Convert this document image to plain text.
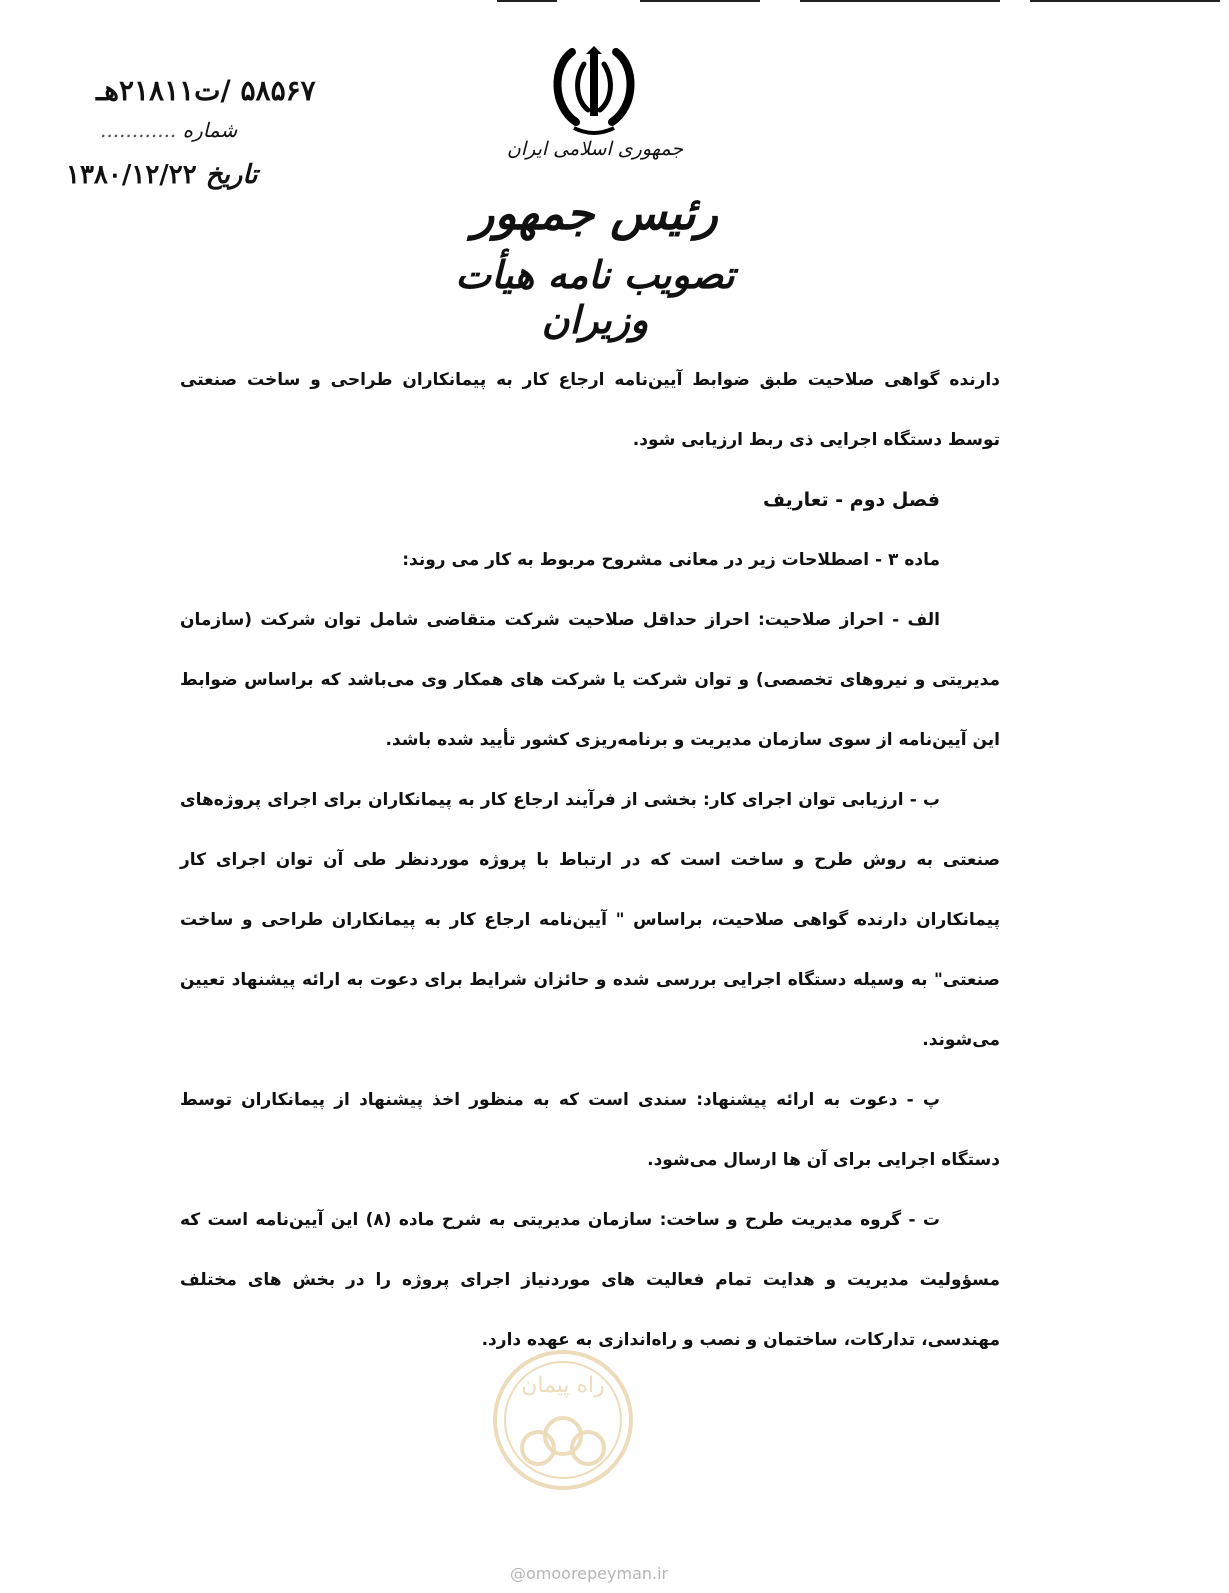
۵۸۵۶۷ /ت۲۱۸۱۱هـ
شماره ............
تاریخ ۱۳۸۰/۱۲/۲۲
جمهوری اسلامی ایران
رئیس جمهور
تصویب نامه هیأت وزیران

دارنده گواهی صلاحیت طبق ضوابط آیین‌نامه ارجاع کار به پیمانکاران طراحی و ساخت صنعتی توسط دستگاه اجرایی ذی ربط ارزیابی شود.

فصل دوم - تعاریف

ماده ۳ - اصطلاحات زیر در معانی مشروح مربوط به کار می روند:

الف - احراز صلاحیت: احراز حداقل صلاحیت شرکت متقاضی شامل توان شرکت (سازمان مدیریتی و نیروهای تخصصی) و توان شرکت یا شرکت های همکار وی می‌باشد که براساس ضوابط این آیین‌نامه از سوی سازمان مدیریت و برنامه‌ریزی کشور تأیید شده باشد.

ب - ارزیابی توان اجرای کار: بخشی از فرآیند ارجاع کار به پیمانکاران برای اجرای پروژه‌های صنعتی به روش طرح و ساخت است که در ارتباط با پروژه موردنظر طی آن توان اجرای کار پیمانکاران دارنده گواهی صلاحیت، براساس " آیین‌نامه ارجاع کار به پیمانکاران طراحی و ساخت صنعتی" به وسیله دستگاه اجرایی بررسی شده و حائزان شرایط برای دعوت به ارائه پیشنهاد تعیین می‌شوند.

پ - دعوت به ارائه پیشنهاد: سندی است که به منظور اخذ پیشنهاد از پیمانکاران توسط دستگاه اجرایی برای آن ها ارسال می‌شود.

ت - گروه مدیریت طرح و ساخت: سازمان مدیریتی به شرح ماده (۸) این آیین‌نامه است که مسؤولیت مدیریت و هدایت تمام فعالیت های موردنیاز اجرای پروژه را در بخش های مختلف مهندسی، تدارکات، ساختمان و نصب و راه‌اندازی به عهده دارد.

راه پیمان
@omoorepeyman.ir
